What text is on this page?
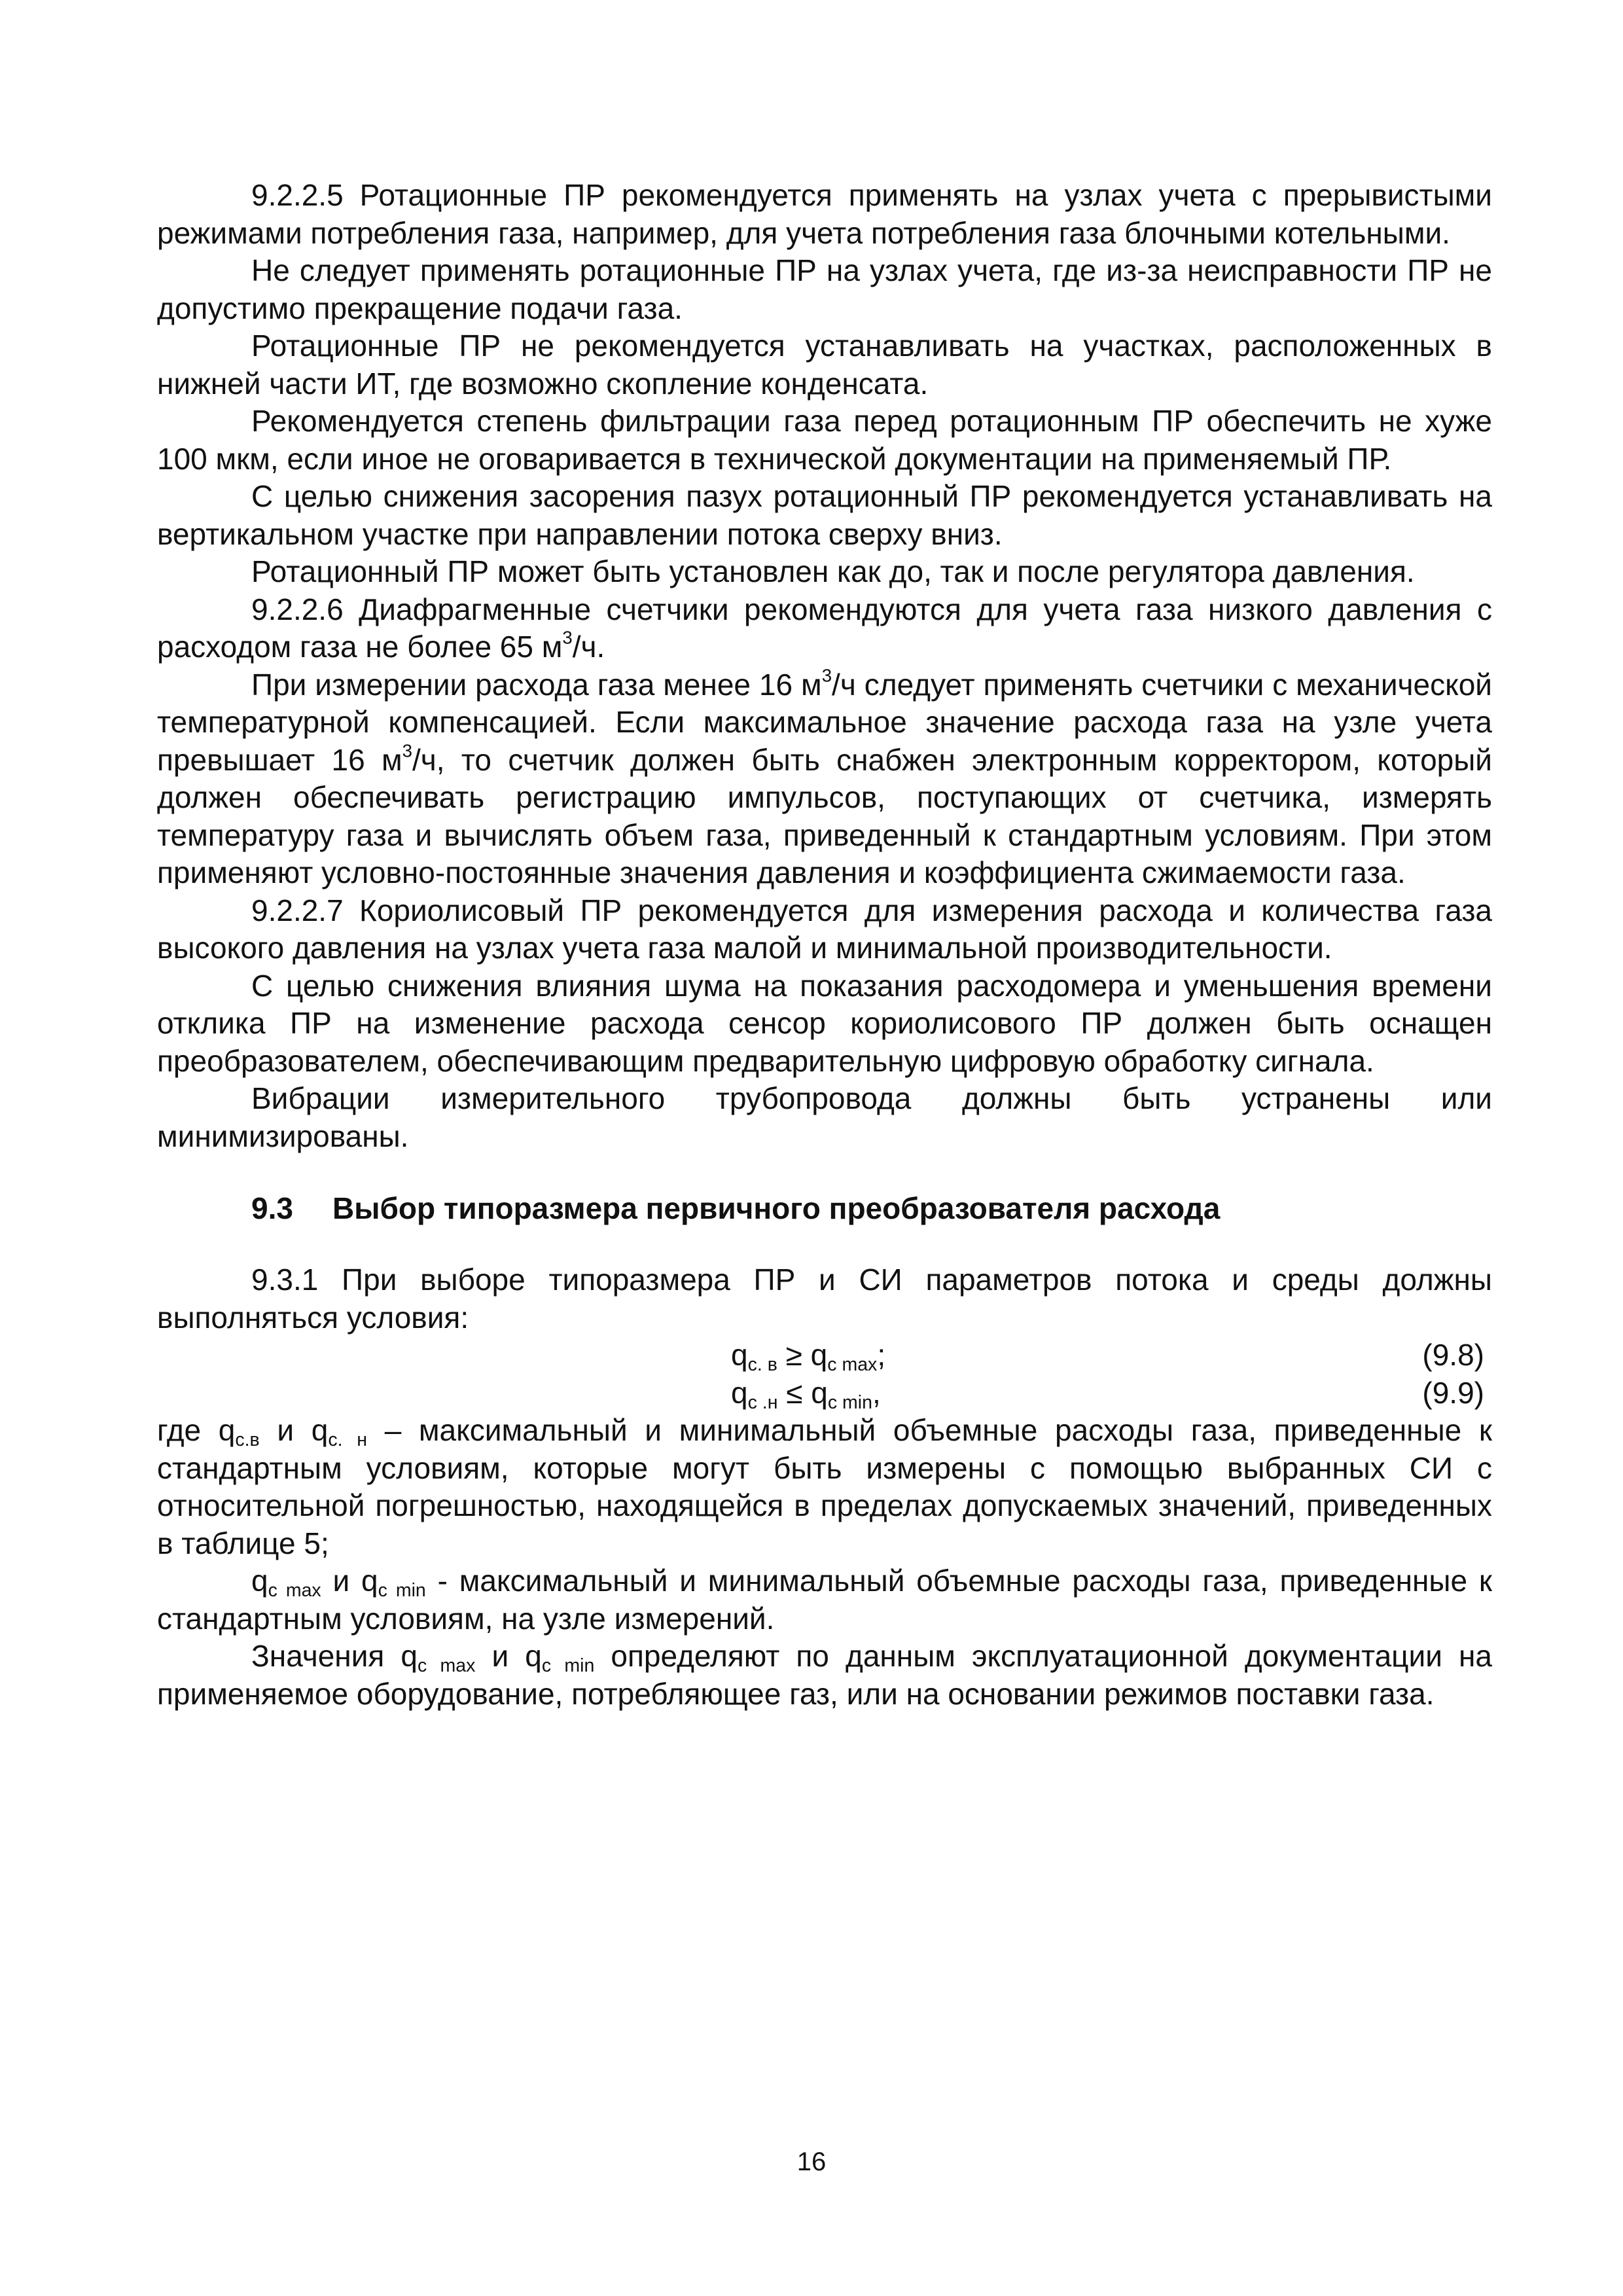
9.2.2.5 Ротационные ПР рекомендуется применять на узлах учета с прерывистыми режимами потребления газа, например, для учета потребления газа блочными котельными.

Не следует применять ротационные ПР на узлах учета, где из-за неисправности ПР не допустимо прекращение подачи газа.

Ротационные ПР не рекомендуется устанавливать на участках, расположенных в нижней части ИТ, где возможно скопление конденсата.

Рекомендуется степень фильтрации газа перед ротационным ПР обеспечить не хуже 100 мкм, если иное не оговаривается в технической документации на применяемый ПР.

С целью снижения засорения пазух ротационный ПР рекомендуется устанавливать на вертикальном участке при направлении потока сверху вниз.

Ротационный ПР может быть установлен как до, так и после регулятора давления.

9.2.2.6 Диафрагменные счетчики рекомендуются для учета газа низкого давления с расходом газа не более 65 $м^3/ч$.

При измерении расхода газа менее 16 $м^3/ч$ следует применять счетчики с механической температурной компенсацией. Если максимальное значение расхода газа на узле учета превышает 16 $м^3/ч$, то счетчик должен быть снабжен электронным корректором, который должен обеспечивать регистрацию импульсов, поступающих от счетчика, измерять температуру газа и вычислять объем газа, приведенный к стандартным условиям. При этом применяют условно-постоянные значения давления и коэффициента сжимаемости газа.

9.2.2.7 Кориолисовый ПР рекомендуется для измерения расхода и количества газа высокого давления на узлах учета газа малой и минимальной производительности.

С целью снижения влияния шума на показания расходомера и уменьшения времени отклика ПР на изменение расхода сенсор кориолисового ПР должен быть оснащен преобразователем, обеспечивающим предварительную цифровую обработку сигнала.

Вибрации измерительного трубопровода должны быть устранены или минимизированы.

9.3 Выбор типоразмера первичного преобразователя расхода

9.3.1 При выборе типоразмера ПР и СИ параметров потока и среды должны выполняться условия:

$q_{с. в} \ge q_{с max}$;	(9.8)
$q_{с .н} \le q_{с min}$,	(9.9)

где $q_{с.в}$ и $q_{с. н}$ – максимальный и минимальный объемные расходы газа, приведенные к стандартным условиям, которые могут быть измерены с помощью выбранных СИ с относительной погрешностью, находящейся в пределах допускаемых значений, приведенных в таблице 5;

$q_{с max}$ и $q_{с min}$ - максимальный и минимальный объемные расходы газа, приведенные к стандартным условиям, на узле измерений.

Значения $q_{с max}$ и $q_{с min}$ определяют по данным эксплуатационной документации на применяемое оборудование, потребляющее газ, или на основании режимов поставки газа.

16
